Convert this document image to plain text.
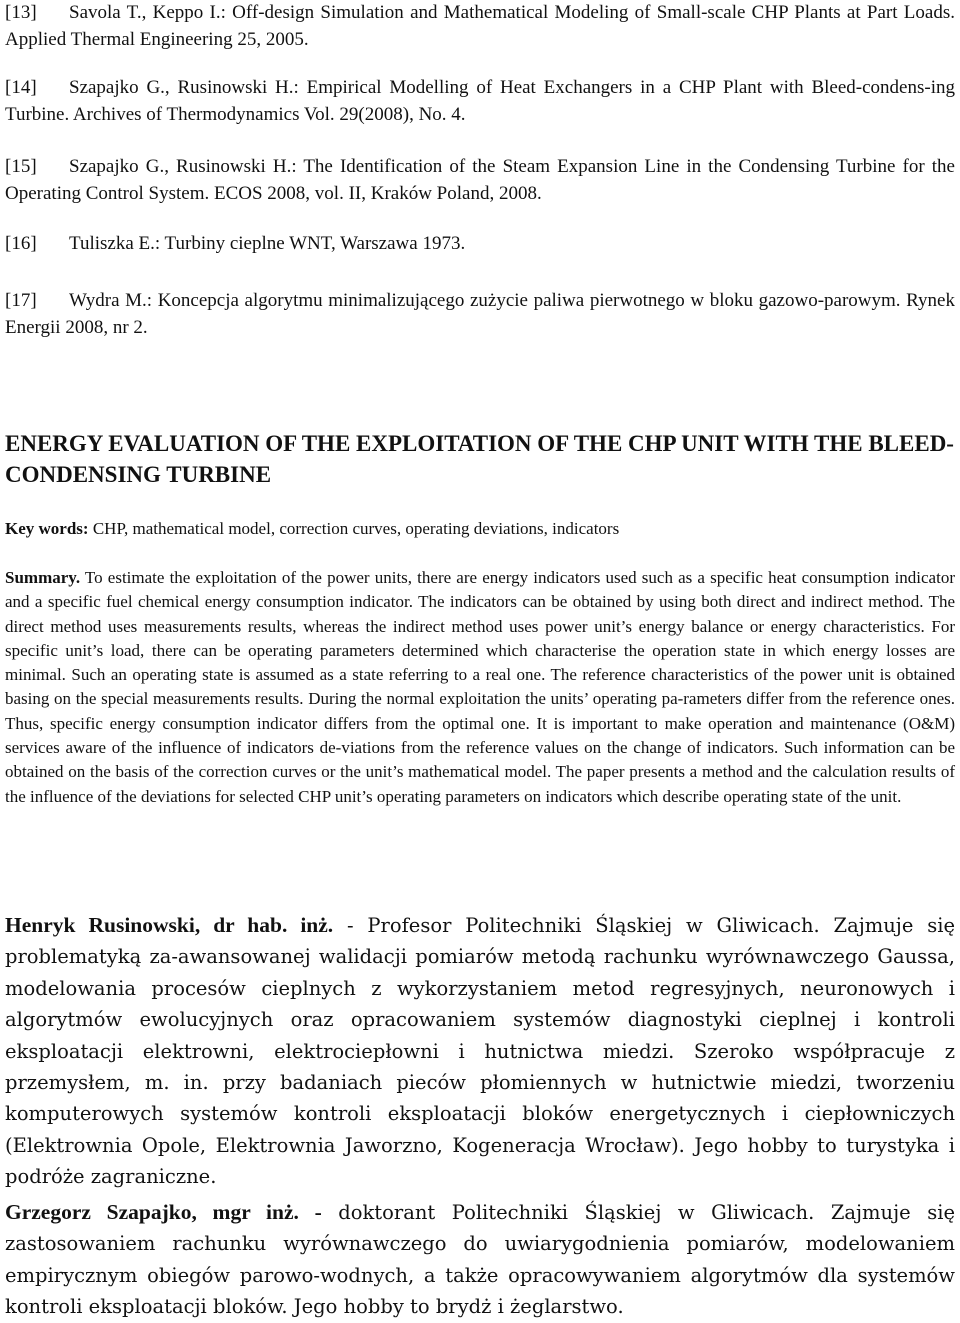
[13] Savola T., Keppo I.: Off-design Simulation and Mathematical Modeling of Small-scale CHP Plants at Part Loads. Applied Thermal Engineering 25, 2005.

[14] Szapajko G., Rusinowski H.: Empirical Modelling of Heat Exchangers in a CHP Plant with Bleed-condens-ing Turbine. Archives of Thermodynamics Vol. 29(2008), No. 4.

[15] Szapajko G., Rusinowski H.: The Identification of the Steam Expansion Line in the Condensing Turbine for the Operating Control System. ECOS 2008, vol. II, Kraków Poland, 2008.

[16] Tuliszka E.: Turbiny cieplne WNT, Warszawa 1973.

[17] Wydra M.: Koncepcja algorytmu minimalizującego zużycie paliwa pierwotnego w bloku gazowo-parowym. Rynek Energii 2008, nr 2.

ENERGY EVALUATION OF THE EXPLOITATION OF THE CHP UNIT WITH THE BLEED-CONDENSING TURBINE

Key words: CHP, mathematical model, correction curves, operating deviations, indicators

Summary. To estimate the exploitation of the power units, there are energy indicators used such as a specific heat consumption indicator and a specific fuel chemical energy consumption indicator. The indicators can be obtained by using both direct and indirect method. The direct method uses measurements results, whereas the indirect method uses power unit’s energy balance or energy characteristics. For specific unit’s load, there can be operating parameters determined which characterise the operation state in which energy losses are minimal. Such an operating state is assumed as a state referring to a real one. The reference characteristics of the power unit is obtained basing on the special measurements results. During the normal exploitation the units’ operating pa-rameters differ from the reference ones. Thus, specific energy consumption indicator differs from the optimal one. It is important to make operation and maintenance (O&M) services aware of the influence of indicators de-viations from the reference values on the change of indicators. Such information can be obtained on the basis of the correction curves or the unit’s mathematical model. The paper presents a method and the calculation results of the influence of the deviations for selected CHP unit’s operating parameters on indicators which describe operating state of the unit.

Henryk Rusinowski, dr hab. inż. - Profesor Politechniki Śląskiej w Gliwicach. Zajmuje się problematyką za-awansowanej walidacji pomiarów metodą rachunku wyrównawczego Gaussa, modelowania procesów cieplnych z wykorzystaniem metod regresyjnych, neuronowych i algorytmów ewolucyjnych oraz opracowaniem systemów diagnostyki cieplnej i kontroli eksploatacji elektrowni, elektrociepłowni i hutnictwa miedzi. Szeroko współpracuje z przemysłem, m. in. przy badaniach pieców płomiennych w hutnictwie miedzi, tworzeniu komputerowych systemów kontroli eksploatacji bloków energetycznych i ciepłowniczych (Elektrownia Opole, Elektrownia Jaworzno, Kogeneracja Wrocław). Jego hobby to turystyka i podróże zagraniczne.

Grzegorz Szapajko, mgr inż. - doktorant Politechniki Śląskiej w Gliwicach. Zajmuje się zastosowaniem rachunku wyrównawczego do uwiarygodnienia pomiarów, modelowaniem empirycznym obiegów parowo-wodnych, a także opracowywaniem algorytmów dla systemów kontroli eksploatacji bloków. Jego hobby to brydż i żeglarstwo.
